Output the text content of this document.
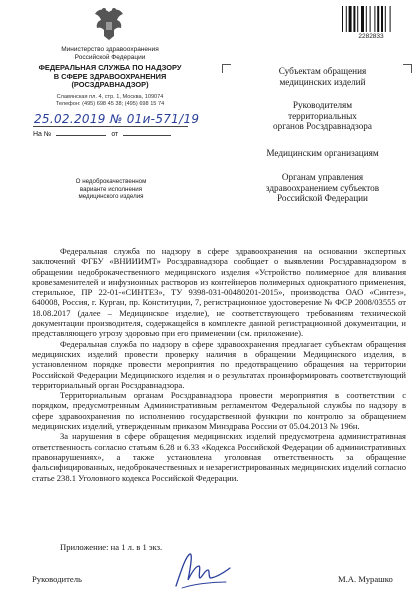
Министерство здравоохранения
Российской Федерации
ФЕДЕРАЛЬНАЯ СЛУЖБА ПО НАДЗОРУ
В СФЕРЕ ЗДРАВООХРАНЕНИЯ
(РОСЗДРАВНАДЗОР)
Славянская пл. 4, стр. 1, Москва, 109074
Телефон: (495) 698 45 38; (495) 698 15 74
25.02.2019 № 01и-571/19
На №	от
О недоброкачественном
варианте исполнения
медицинского изделия
2282833
Субъектам обращения
медицинских изделий
Руководителям
территориальных
органов Росздравнадзора
Медицинским организациям
Органам управления
здравоохранением субъектов
Российской Федерации

Федеральная служба по надзору в сфере здравоохранения на основании экспертных заключений ФГБУ «ВНИИИМТ» Росздравнадзора сообщает о выявлении Росздравнадзором в обращении недоброкачественного медицинского изделия «Устройство полимерное для вливания кровезаменителей и инфузионных растворов из контейнеров полимерных однократного применения, стерильное, ПР 22-01-«СИНТЕЗ», ТУ 9398-031-00480201-2015», производства ОАО «Синтез», 640008, Россия, г. Курган, пр. Конституции, 7, регистрационное удостоверение № ФСР 2008/03555 от 18.08.2017 (далее – Медицинское изделие), не соответствующего требованиям технической документации производителя, содержащейся в комплекте данной регистрационной документации, и представляющего угрозу здоровью при его применении (см. приложение).

Федеральная служба по надзору в сфере здравоохранения предлагает субъектам обращения медицинских изделий провести проверку наличия в обращении Медицинского изделия, в установленном порядке провести мероприятия по предотвращению обращения на территории Российской Федерации Медицинского изделия и о результатах проинформировать соответствующий территориальный орган Росздравнадзора.

Территориальным органам Росздравнадзора провести мероприятия в соответствии с порядком, предусмотренным Административным регламентом Федеральной службы по надзору в сфере здравоохранения по исполнению государственной функции по контролю за обращением медицинских изделий, утвержденным приказом Минздрава России от 05.04.2013 № 196н.

За нарушения в сфере обращения медицинских изделий предусмотрена административная ответственность согласно статьям 6.28 и 6.33 «Кодекса Российской Федерации об административных правонарушениях», а также установлена уголовная ответственность за обращение фальсифицированных, недоброкачественных и незарегистрированных медицинских изделий согласно статье 238.1 Уголовного кодекса Российской Федерации.

Приложение: на 1 л. в 1 экз.
Руководитель	М.А. Мурашко
